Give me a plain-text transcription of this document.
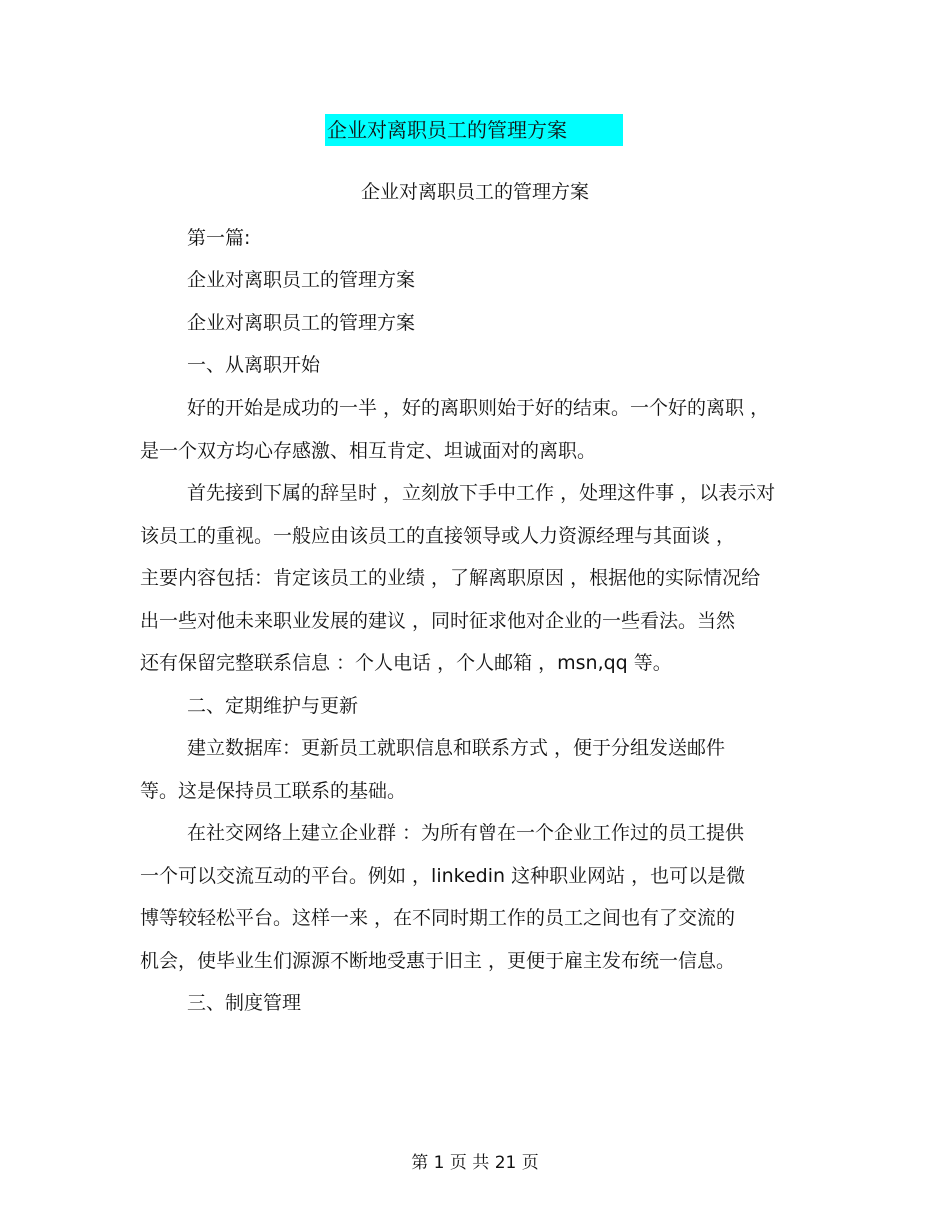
企业对离职员工的管理方案
企业对离职员工的管理方案
第一篇:
企业对离职员工的管理方案
企业对离职员工的管理方案
一、从离职开始
好的开始是成功的一半 ，好的离职则始于好的结束。一个好的离职 ，
是一个双方均心存感激、相互肯定、坦诚面对的离职。
首先接到下属的辞呈时 ，立刻放下手中工作 ，处理这件事 ，以表示对
该员工的重视。一般应由该员工的直接领导或人力资源经理与其面谈 ，
主要内容包括：肯定该员工的业绩 ，了解离职原因 ，根据他的实际情况给
出一些对他未来职业发展的建议 ，同时征求他对企业的一些看法。当然
还有保留完整联系信息 ：个人电话 ，个人邮箱 ，msn,qq 等。
二、定期维护与更新
建立数据库：更新员工就职信息和联系方式 ，便于分组发送邮件
等。这是保持员工联系的基础。
在社交网络上建立企业群 ：为所有曾在一个企业工作过的员工提供
一个可以交流互动的平台。例如 ，linkedin 这种职业网站 ，也可以是微
博等较轻松平台。这样一来 ，在不同时期工作的员工之间也有了交流的
机会，使毕业生们源源不断地受惠于旧主 ，更便于雇主发布统一信息。
三、制度管理
第 1 页 共 21 页
